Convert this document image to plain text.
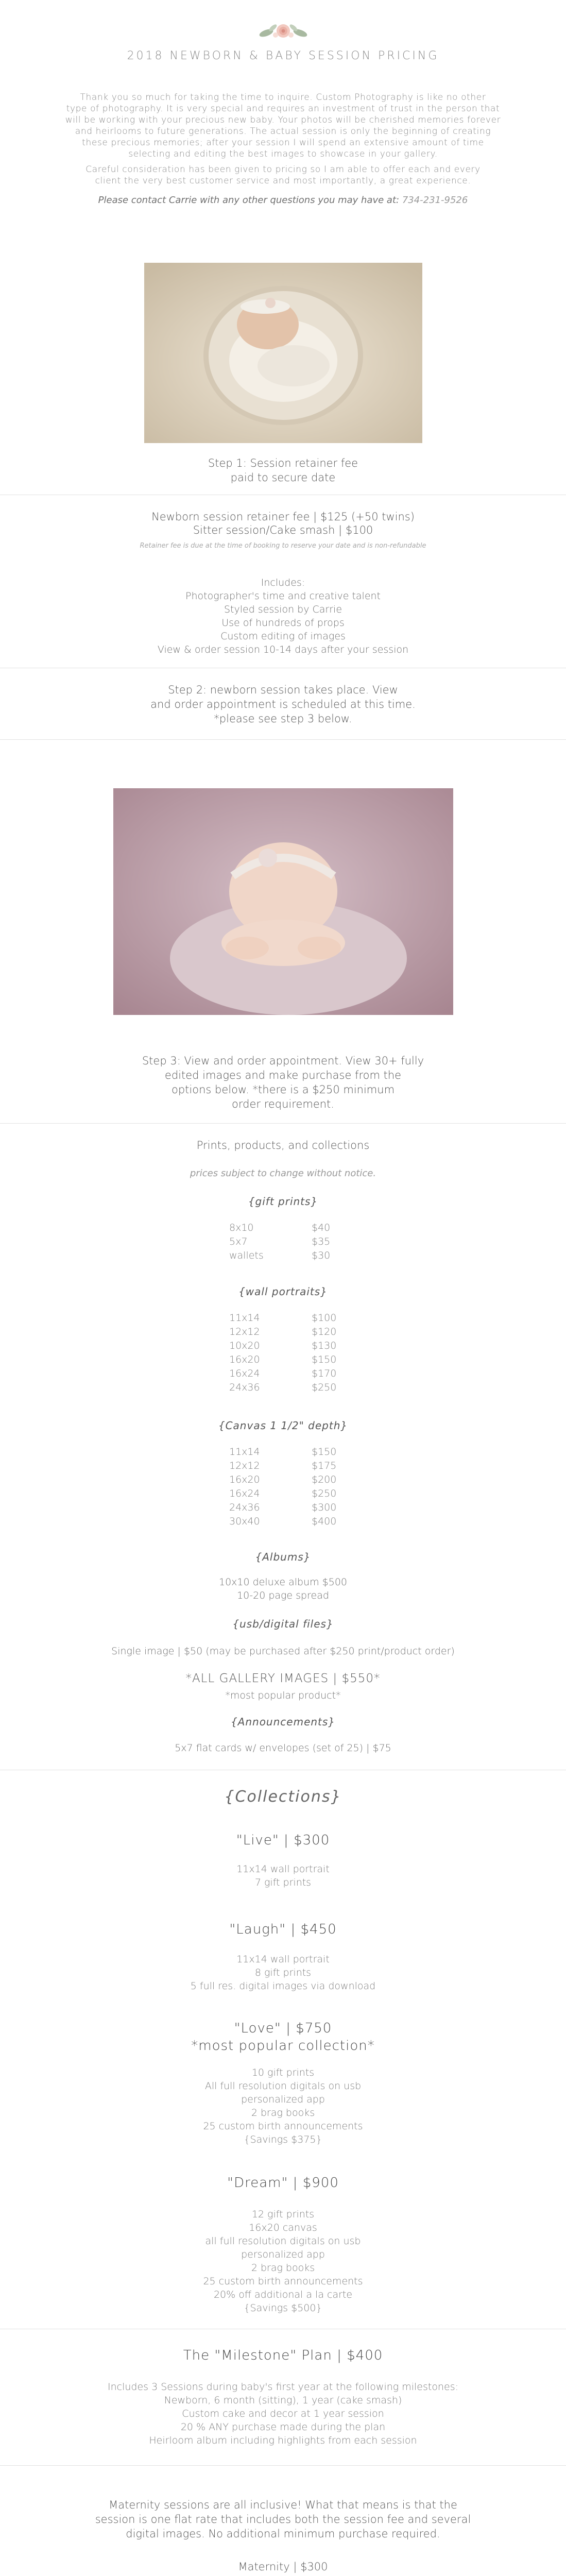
2018 NEWBORN & BABY SESSION PRICING

Thank you so much for taking the time to inquire. Custom Photography is like no other

type of photography. It is very special and requires an investment of trust in the person that

will be working with your precious new baby. Your photos will be cherished memories forever

and heirlooms to future generations. The actual session is only the beginning of creating

these precious memories; after your session I will spend an extensive amount of time

selecting and editing the best images to showcase in your gallery.

Careful consideration has been given to pricing so I am able to offer each and every

client the very best customer service and most importantly, a great experience.

Please contact Carrie with any other questions you may have at: 734-231-9526

Step 1: Session retainer fee

paid to secure date

Newborn session retainer fee | $125 (+50 twins)

Sitter session/Cake smash | $100

Retainer fee is due at the time of booking to reserve your date and is non-refundable

Includes:

Photographer's time and creative talent

Styled session by Carrie

Use of hundreds of props

Custom editing of images

View & order session 10-14 days after your session

Step 2: newborn session takes place. View

and order appointment is scheduled at this time.

*please see step 3 below.

Step 3: View and order appointment. View 30+ fully

edited images and make purchase from the

options below. *there is a $250 minimum

order requirement.

Prints, products, and collections
prices subject to change without notice.
{gift prints}
8x10	$40
5x7	$35
wallets	$30
{wall portraits}
11x14	$100
12x12	$120
10x20	$130
16x20	$150
16x24	$170
24x36	$250
{Canvas 1 1/2" depth}
11x14	$150
12x12	$175
16x20	$200
16x24	$250
24x36	$300
30x40	$400
{Albums}

10x10 deluxe album $500

10-20 page spread

{usb/digital files}
Single image | $50 (may be purchased after $250 print/product order)
*ALL GALLERY IMAGES | $550*
*most popular product*
{Announcements}
5x7 flat cards w/ envelopes (set of 25) | $75
{Collections}
"Live" | $300

11x14 wall portrait

7 gift prints

"Laugh" | $450

11x14 wall portrait

8 gift prints

5 full res. digital images via download

"Love" | $750

*most popular collection*

10 gift prints

All full resolution digitals on usb

personalized app

2 brag books

25 custom birth announcements

{Savings $375}

"Dream" | $900

12 gift prints

16x20 canvas

all full resolution digitals on usb

personalized app

2 brag books

25 custom birth announcements

20% off additional a la carte

{Savings $500}

The "Milestone" Plan | $400

Includes 3 Sessions during baby's first year at the following milestones:

Newborn, 6 month (sitting), 1 year (cake smash)

Custom cake and decor at 1 year session

20 % ANY purchase made during the plan

Heirloom album including highlights from each session

Maternity sessions are all inclusive! What that means is that the

session is one flat rate that includes both the session fee and several

digital images. No additional minimum purchase required.

Maternity | $300
